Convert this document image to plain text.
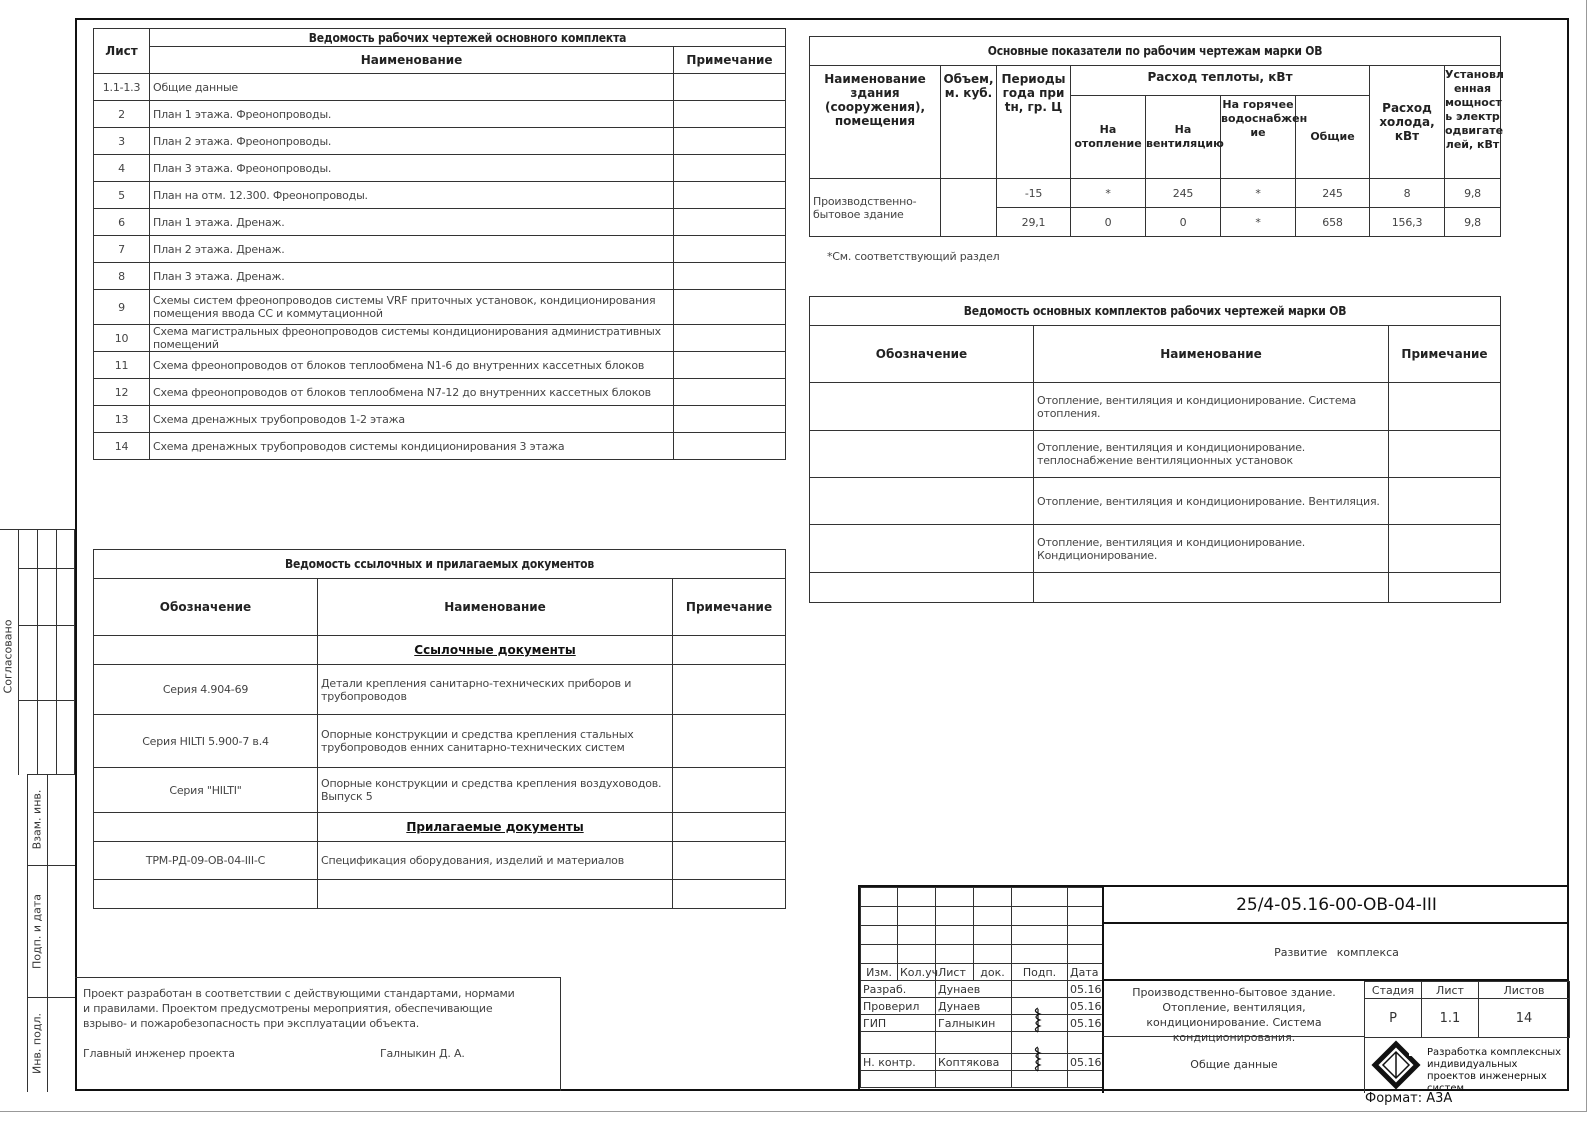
Лист	Ведомость рабочих чертежей основного комплекта	
	Наименование	Примечание
1.1-1.3	Общие данные	
2	План 1 этажа. Фреонопроводы.	
3	План 2 этажа. Фреонопроводы.	
4	План 3 этажа. Фреонопроводы.	
5	План на отм. 12.300. Фреонопроводы.	
6	План 1 этажа. Дренаж.	
7	План 2 этажа. Дренаж.	
8	План 3 этажа. Дренаж.	
9	Схемы систем фреонопроводов системы VRF приточных установок, кондиционирования помещения ввода СС и коммутационной	
10	Схема магистральных фреонопроводов системы кондиционирования административных помещений	
11	Схема фреонопроводов от блоков теплообмена N1-6 до внутренних кассетных блоков	
12	Схема фреонопроводов от блоков теплообмена N7-12 до внутренних кассетных блоков	
13	Схема дренажных трубопроводов 1-2 этажа	
14	Схема дренажных трубопроводов системы кондиционирования 3 этажа	
Основные показатели по рабочим чертежам марки ОВ								
Наименование здания (сооружения), помещения	Объем, м. куб.	Периоды года при tн, гр. Ц	Расход теплоты, кВт				Расход холода, кВт	Установл енная мощност ь электр одвигате лей, кВт
			На отопление	На вентиляцию	На горячее водоснабжен ие	Общие		
Производственно-бытовое здание		-15	*	245	*	245	8	9,8
		29,1	0	0	*	658	156,3	9,8
*См. соответствующий раздел
Ведомость основных комплектов рабочих чертежей марки ОВ		
Обозначение	Наименование	Примечание
	Отопление, вентиляция и кондиционирование. Система отопления.	
	Отопление, вентиляция и кондиционирование. теплоснабжение вентиляционных установок	
	Отопление, вентиляция и кондиционирование. Вентиляция.	
	Отопление, вентиляция и кондиционирование. Кондиционирование.	

Ведомость ссылочных и прилагаемых документов		
Обозначение	Наименование	Примечание
	Ссылочные документы	
Серия 4.904-69	Детали крепления санитарно-технических приборов и трубопроводов	
Серия HILTI 5.900-7 в.4	Опорные конструкции и средства крепления стальных трубопроводов енних санитарно-технических систем	
Серия "HILTI"	Опорные конструкции и средства крепления воздуховодов. Выпуск 5	
	Прилагаемые документы	
ТРМ-РД-09-ОВ-04-III-С	Спецификация оборудования, изделий и материалов	

Согласовано
Взам. инв.
Подп. и дата
Инв. подл.
Проект разработан в соответствии с действующими стандартами, нормами и правилами. Проектом предусмотрены мероприятия, обеспечивающие взрыво- и пожаробезопасность при эксплуатации объекта.
Главный инженер проекта	Галныкин Д. А.

Изм.	Кол.уч	Лист	док.	Подп.	Дата
Разраб.		Дунаев			05.16
Проверил		Дунаев			05.16
ГИП		Галныкин			05.16

Н. контр.		Коптякова			05.16

25/4-05.16-00-ОВ-04-III
Развитие комплекса
Производственно-бытовое здание. Отопление, вентиляция, кондиционирование. Система кондиционирования.
Общие данные
Стадия	Лист	Листов
Р	1.1	14
Разработка комплексных индивидуальных проектов инженерных систем
Формат: А3А
